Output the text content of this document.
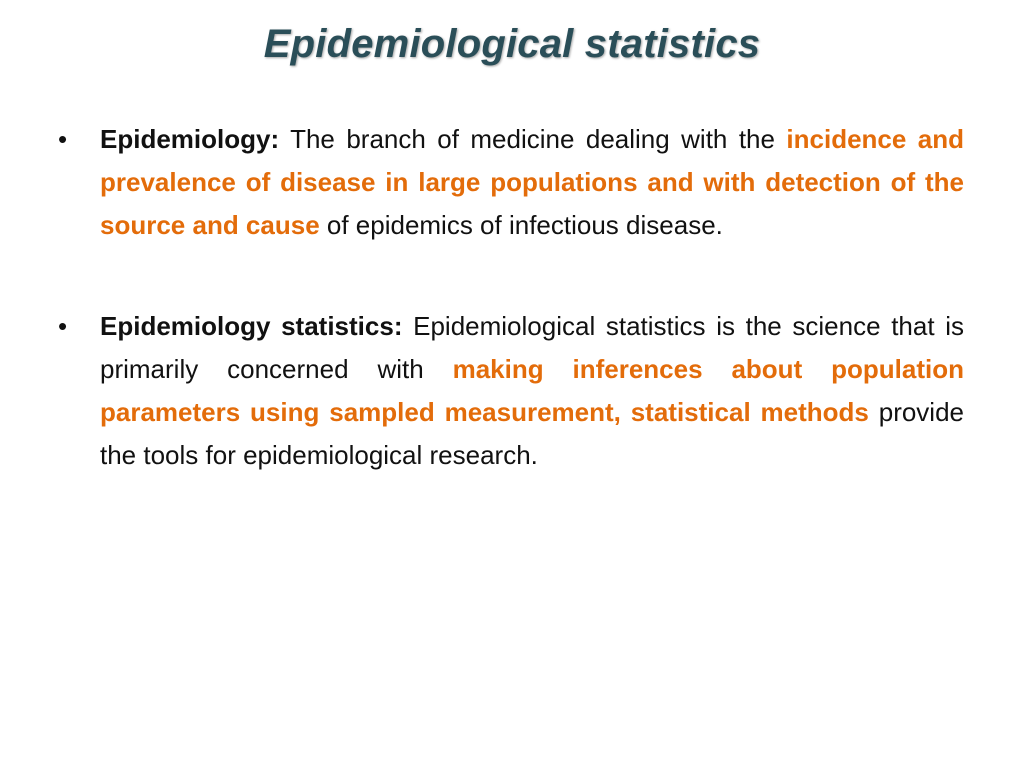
Epidemiological statistics

• Epidemiology: The branch of medicine dealing with the incidence and prevalence of disease in large populations and with detection of the source and cause of epidemics of infectious disease.

• Epidemiology statistics: Epidemiological statistics is the science that is primarily concerned with making inferences about population parameters using sampled measurement, statistical methods provide the tools for epidemiological research.
